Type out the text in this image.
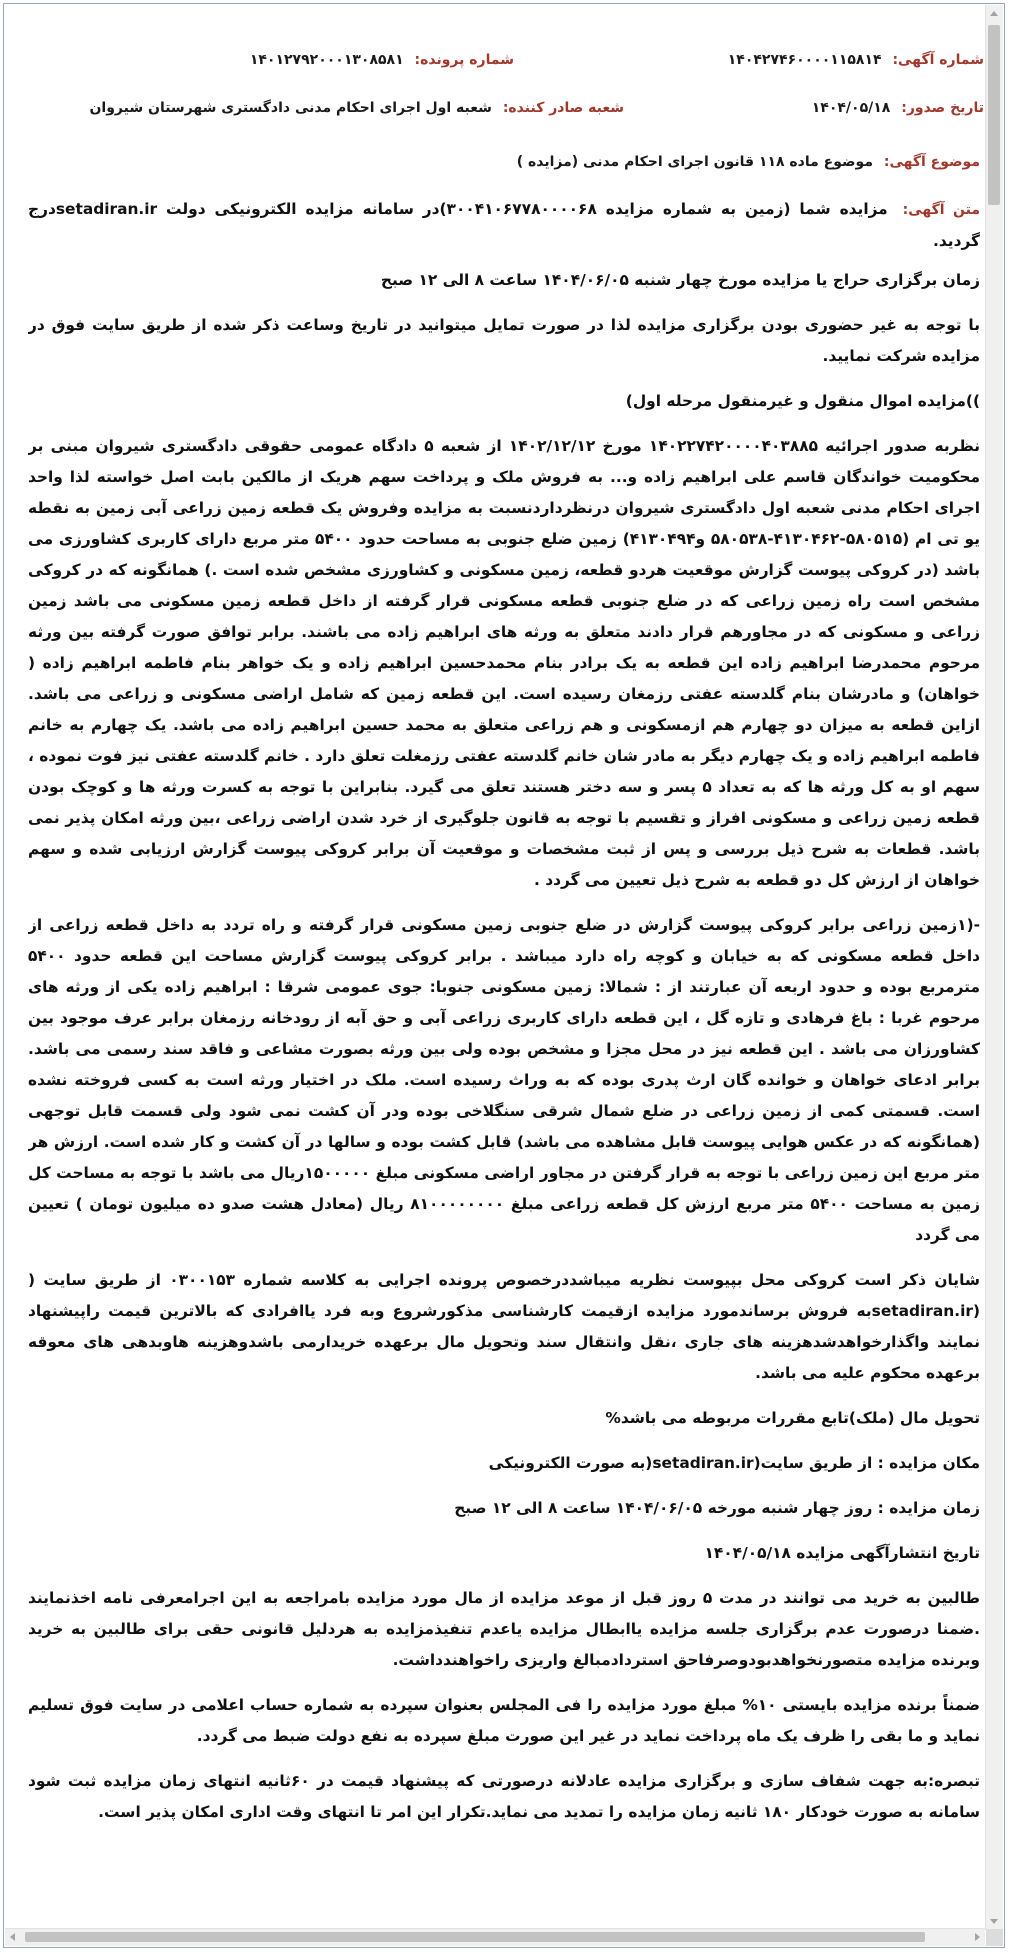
شماره آگهی: ۱۴۰۴۲۷۴۶۰۰۰۰۱۱۵۸۱۴
شماره پرونده: ۱۴۰۱۲۷۹۲۰۰۰۱۳۰۸۵۸۱
تاریخ صدور: ۱۴۰۴/۰۵/۱۸
شعبه صادر کننده: شعبه اول اجرای احکام مدنی دادگستری شهرستان شیروان
موضوع آگهی: موضوع ماده ۱۱۸ قانون اجرای احکام مدنی (مزایده )

متن آگهی: مزایده شما (زمین به شماره مزایده ۳۰۰۴۱۰۶۷۷۸۰۰۰۰۶۸)در سامانه مزایده الکترونیکی دولت setadiran.irدرج گردید.

زمان برگزاری حراج یا مزایده مورخ چهار شنبه ۱۴۰۴/۰۶/۰۵ ساعت ۸ الی ۱۲ صبح

با توجه به غیر حضوری بودن برگزاری مزایده لذا در صورت تمایل میتوانید در تاریخ وساعت ذکر شده از طریق سایت فوق در مزایده شرکت نمایید.

))مزایده اموال منقول و غیرمنقول مرحله اول)

نظربه صدور اجرائیه ۱۴۰۲۲۷۴۲۰۰۰۰۴۰۳۸۸۵ مورخ ۱۴۰۲/۱۲/۱۲ از شعبه ۵ دادگاه عمومی حقوقی دادگستری شیروان مبنی بر محکومیت خواندگان قاسم علی ابراهیم زاده و... به فروش ملک و پرداخت سهم هریک از مالکین بابت اصل خواسته لذا واحد اجرای احکام مدنی شعبه اول دادگستری شیروان درنظرداردنسبت به مزایده وفروش یک قطعه زمین زراعی آبی زمین به نقطه یو تی ام (۵۸۰۵۱۵-۴۱۳۰۴۶۲-۵۸۰۵۳۸ و۴۱۳۰۴۹۴) زمین ضلع جنوبی به مساحت حدود ۵۴۰۰ متر مربع دارای کاربری کشاورزی می باشد (در کروکی پیوست گزارش موقعیت هردو قطعه، زمین مسکونی و کشاورزی مشخص شده است .) همانگونه که در کروکی مشخص است راه زمین زراعی که در ضلع جنوبی قطعه مسکونی قرار گرفته از داخل قطعه زمین مسکونی می باشد زمین زراعی و مسکونی که در مجاورهم قرار دادند متعلق به ورثه های ابراهیم زاده می باشند. برابر توافق صورت گرفته بین ورثه مرحوم محمدرضا ابراهیم زاده این قطعه به یک برادر بنام محمدحسین ابراهیم زاده و یک خواهر بنام فاطمه ابراهیم زاده ( خواهان) و مادرشان بنام گلدسته عفتی رزمغان رسیده است. این قطعه زمین که شامل اراضی مسکونی و زراعی می باشد. ازاین قطعه به میزان دو چهارم هم ازمسکونی و هم زراعی متعلق به محمد حسین ابراهیم زاده می باشد. یک چهارم به خانم فاطمه ابراهیم زاده و یک چهارم دیگر به مادر شان خانم گلدسته عفتی رزمغلت تعلق دارد . خانم گلدسته عفتی نیز فوت نموده ، سهم او به کل ورثه ها که به تعداد ۵ پسر و سه دختر هستند تعلق می گیرد. بنابراین با توجه به کسرت ورثه ها و کوچک بودن قطعه زمین زراعی و مسکونی افراز و تقسیم با توجه به قانون جلوگیری از خرد شدن اراضی زراعی ،بین ورثه امکان پذیر نمی باشد. قطعات به شرح ذیل بررسی و پس از ثبت مشخصات و موقعیت آن برابر کروکی پیوست گزارش ارزیابی شده و سهم خواهان از ارزش کل دو قطعه به شرح ذیل تعیین می گردد .

-(۱زمین زراعی برابر کروکی پیوست گزارش در ضلع جنوبی زمین مسکونی قرار گرفته و راه تردد به داخل قطعه زراعی از داخل قطعه مسکونی که به خیابان و کوچه راه دارد میباشد . برابر کروکی پیوست گزارش مساحت این قطعه حدود ۵۴۰۰ مترمربع بوده و حدود اربعه آن عبارتند از : شمالا: زمین مسکونی جنوبا: جوی عمومی شرقا : ابراهیم زاده یکی از ورثه های مرحوم غربا : باغ فرهادی و تازه گل ، این قطعه دارای کاربری زراعی آبی و حق آبه از رودخانه رزمغان برابر عرف موجود بین کشاورزان می باشد . این قطعه نیز در محل مجزا و مشخص بوده ولی بین ورثه بصورت مشاعی و فاقد سند رسمی می باشد. برابر ادعای خواهان و خوانده گان ارث پدری بوده که به وراث رسیده است. ملک در اختیار ورثه است به کسی فروخته نشده است. قسمتی کمی از زمین زراعی در ضلع شمال شرقی سنگلاخی بوده ودر آن کشت نمی شود ولی قسمت قابل توجهی (همانگونه که در عکس هوایی پیوست قابل مشاهده می باشد) قابل کشت بوده و سالها در آن کشت و کار شده است. ارزش هر متر مربع این زمین زراعی با توجه به قرار گرفتن در مجاور اراضی مسکونی مبلغ ۱۵۰۰۰۰۰ریال می باشد با توجه به مساحت کل زمین به مساحت ۵۴۰۰ متر مربع ارزش کل قطعه زراعی مبلغ ۸۱۰۰۰۰۰۰۰۰ ریال (معادل هشت صدو ده میلیون تومان ) تعیین می گردد

شایان ذکر است کروکی محل بپیوست نظریه میباشددرخصوص پرونده اجرایی به کلاسه شماره ۰۳۰۰۱۵۳ از طریق سایت ( (setadiran.irبه فروش برساندمورد مزایده ازقیمت کارشناسی مذکورشروع وبه فرد یاافرادی که بالاترین قیمت راپیشنهاد نمایند واگذارخواهدشدهزینه های جاری ،نقل وانتقال سند وتحویل مال برعهده خریدارمی باشدوهزینه هاوبدهی های معوقه برعهده محکوم علیه می باشد.

تحویل مال (ملک)تابع مقررات مربوطه می باشد%

مکان مزایده : از طریق سایت(setadiran.ir(به صورت الکترونیکی

زمان مزایده : روز چهار شنبه مورخه ۱۴۰۴/۰۶/۰۵ ساعت ۸ الی ۱۲ صبح

تاریخ انتشارآگهی مزایده ۱۴۰۴/۰۵/۱۸

طالبین به خرید می توانند در مدت ۵ روز قبل از موعد مزایده از مال مورد مزایده بامراجعه به این اجرامعرفی نامه اخذنمایند .ضمنا درصورت عدم برگزاری جلسه مزایده یاابطال مزایده یاعدم تنفیذمزایده به هردلیل قانونی حقی برای طالبین به خرید وبرنده مزایده متصورنخواهدبودوصرفاحق استردادمبالغ واریزی راخواهندداشت.

ضمناً برنده مزایده بایستی ۱۰% مبلغ مورد مزایده را فی المجلس بعنوان سپرده به شماره حساب اعلامی در سایت فوق تسلیم نماید و ما بقی را ظرف یک ماه پرداخت نماید در غیر این صورت مبلغ سپرده به نفع دولت ضبط می گردد.

تبصره:به جهت شفاف سازی و برگزاری مزایده عادلانه درصورتی که پیشنهاد قیمت در ۶۰ثانیه انتهای زمان مزایده ثبت شود سامانه به صورت خودکار ۱۸۰ ثانیه زمان مزایده را تمدید می نماید.تکرار این امر تا انتهای وقت اداری امکان پذیر است.
